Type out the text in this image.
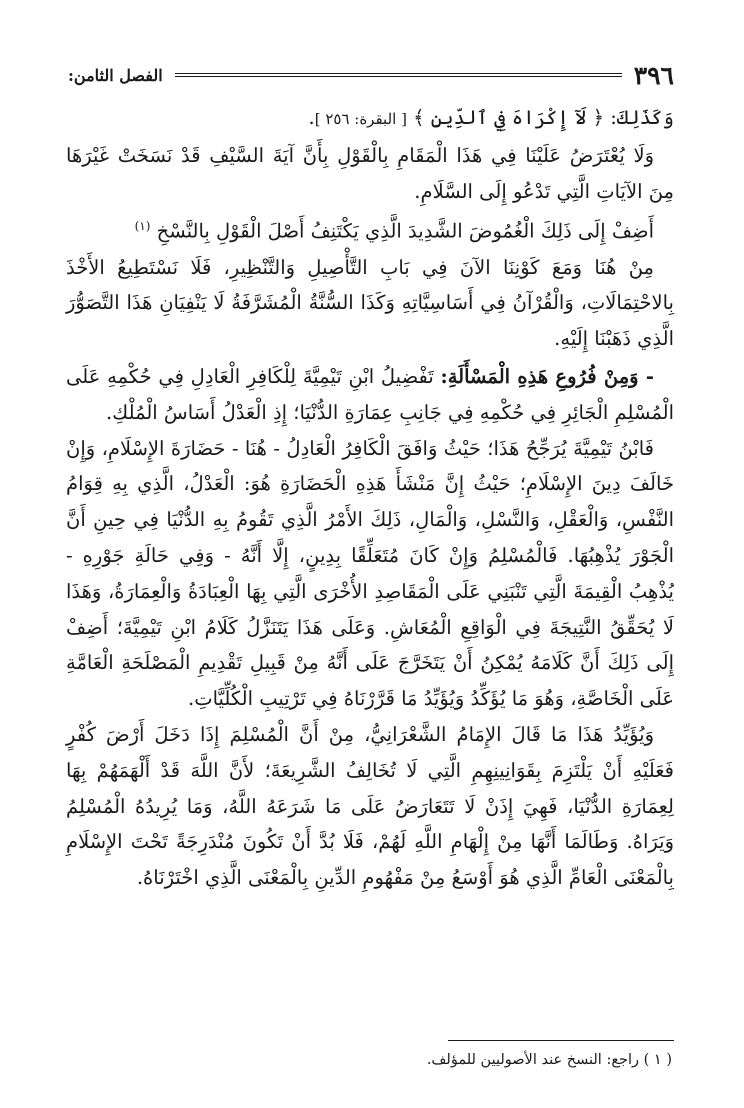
٣٩٦
الفصل الثامن:

وَكَذَلِكَ: ﴿ لَآ إِكْرَاهَ فِي ٱلدِّينِ ﴾ [ البقرة: ٢٥٦ ].

وَلَا يُعْتَرَضُ عَلَيْنَا فِي هَذَا الْمَقَامِ بِالْقَوْلِ بِأَنَّ آيَةَ السَّيْفِ قَدْ نَسَخَتْ غَيْرَهَا مِنَ الآيَاتِ الَّتِي تَدْعُو إِلَى السَّلَامِ.

أَضِفْ إِلَى ذَلِكَ الْغُمُوضَ الشَّدِيدَ الَّذِي يَكْتَنِفُ أَصْلَ الْقَوْلِ بِالنَّسْخِ $^{(١)}$

مِنْ هُنَا وَمَعَ كَوْنِنَا الآنَ فِي بَابِ التَّأْصِيلِ وَالتَّنْظِيرِ، فَلَا نَسْتَطِيعُ الأَخْذَ بِالاحْتِمَالَاتِ، وَالْقُرْآنُ فِي أَسَاسِيَّاتِهِ وَكَذَا السُّنَّةُ الْمُشَرَّفَةُ لَا يَنْفِيَانِ هَذَا التَّصَوُّرَ الَّذِي ذَهَبْنَا إِلَيْهِ.

- وَمِنْ فُرُوعِ هَذِهِ الْمَسْأَلَةِ: تَفْضِيلُ ابْنِ تَيْمِيَّةَ لِلْكَافِرِ الْعَادِلِ فِي حُكْمِهِ عَلَى الْمُسْلِمِ الْجَائِرِ فِي حُكْمِهِ فِي جَانِبِ عِمَارَةِ الدُّنْيَا؛ إِذِ الْعَدْلُ أَسَاسُ الْمُلْكِ.

فَابْنُ تَيْمِيَّةَ يُرَجِّحُ هَذَا؛ حَيْثُ وَافَقَ الْكَافِرُ الْعَادِلُ - هُنَا - حَضَارَةَ الإِسْلَامِ، وَإِنْ خَالَفَ دِينَ الإِسْلَامِ؛ حَيْثُ إِنَّ مَنْشَأَ هَذِهِ الْحَضَارَةِ هُوَ: الْعَدْلُ، الَّذِي بِهِ قِوَامُ النَّفْسِ، وَالْعَقْلِ، وَالنَّسْلِ، وَالْمَالِ، ذَلِكَ الأَمْرُ الَّذِي تَقُومُ بِهِ الدُّنْيَا فِي حِينِ أَنَّ الْجَوْرَ يُذْهِبُهَا. فَالْمُسْلِمُ وَإِنْ كَانَ مُتَعَلِّقًا بِدِينٍ، إِلَّا أَنَّهُ - وَفِي حَالَةِ جَوْرِهِ - يُذْهِبُ الْقِيمَةَ الَّتِي تَنْبَنِي عَلَى الْمَقَاصِدِ الأُخْرَى الَّتِي بِهَا الْعِبَادَةُ وَالْعِمَارَةُ، وَهَذَا لَا يُحَقِّقُ النَّتِيجَةَ فِي الْوَاقِعِ الْمُعَاشِ. وَعَلَى هَذَا يَتَنَزَّلُ كَلَامُ ابْنِ تَيْمِيَّةَ؛ أَضِفْ إِلَى ذَلِكَ أَنَّ كَلَامَهُ يُمْكِنُ أَنْ يَتَخَرَّجَ عَلَى أَنَّهُ مِنْ قَبِيلِ تَقْدِيمِ الْمَصْلَحَةِ الْعَامَّةِ عَلَى الْخَاصَّةِ، وَهُوَ مَا يُؤَكِّدُ وَيُؤَيِّدُ مَا قَرَّرْنَاهُ فِي تَرْتِيبِ الْكُلِّيَّاتِ.

وَيُؤَيِّدُ هَذَا مَا قَالَ الإِمَامُ الشَّعْرَانِيُّ، مِنْ أَنَّ الْمُسْلِمَ إِذَا دَخَلَ أَرْضَ كُفْرٍ فَعَلَيْهِ أَنْ يَلْتَزِمَ بِقَوَانِينِهِمِ الَّتِي لَا تُخَالِفُ الشَّرِيعَةَ؛ لأَنَّ اللَّهَ قَدْ أَلْهَمَهُمْ بِهَا لِعِمَارَةِ الدُّنْيَا، فَهِيَ إِذَنْ لَا تَتَعَارَضُ عَلَى مَا شَرَعَهُ اللَّهُ، وَمَا يُرِيدُهُ الْمُسْلِمُ وَيَرَاهُ. وَطَالَمَا أَنَّهَا مِنْ إِلْهَامِ اللَّهِ لَهُمْ، فَلَا بُدَّ أَنْ تَكُونَ مُنْدَرِجَةً تَحْتَ الإِسْلَامِ بِالْمَعْنَى الْعَامِّ الَّذِي هُوَ أَوْسَعُ مِنْ مَفْهُومِ الدِّينِ بِالْمَعْنَى الَّذِي اخْتَرْنَاهُ.

( ١ ) راجع: النسخ عند الأصوليين للمؤلف.
